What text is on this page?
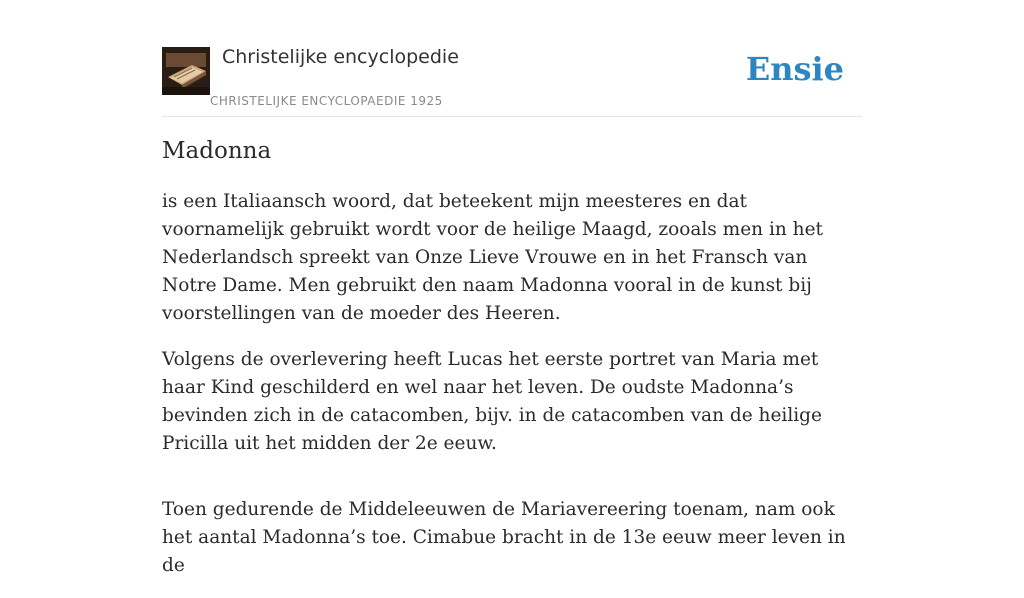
Christelijke encyclopedie
CHRISTELIJKE ENCYCLOPAEDIE 1925
Ensie
Madonna

is een Italiaansch woord, dat beteekent mijn meesteres en dat voornamelijk gebruikt wordt voor de heilige Maagd, zooals men in het Nederlandsch spreekt van Onze Lieve Vrouwe en in het Fransch van Notre Dame. Men gebruikt den naam Madonna vooral in de kunst bij voorstellingen van de moeder des Heeren.

Volgens de overlevering heeft Lucas het eerste portret van Maria met haar Kind geschilderd en wel naar het leven. De oudste Madonna’s bevinden zich in de catacomben, bijv. in de catacomben van de heilige Pricilla uit het midden der 2e eeuw.

Toen gedurende de Middeleeuwen de Mariavereering toenam, nam ook het aantal Madonna’s toe. Cimabue bracht in de 13e eeuw meer leven in de
